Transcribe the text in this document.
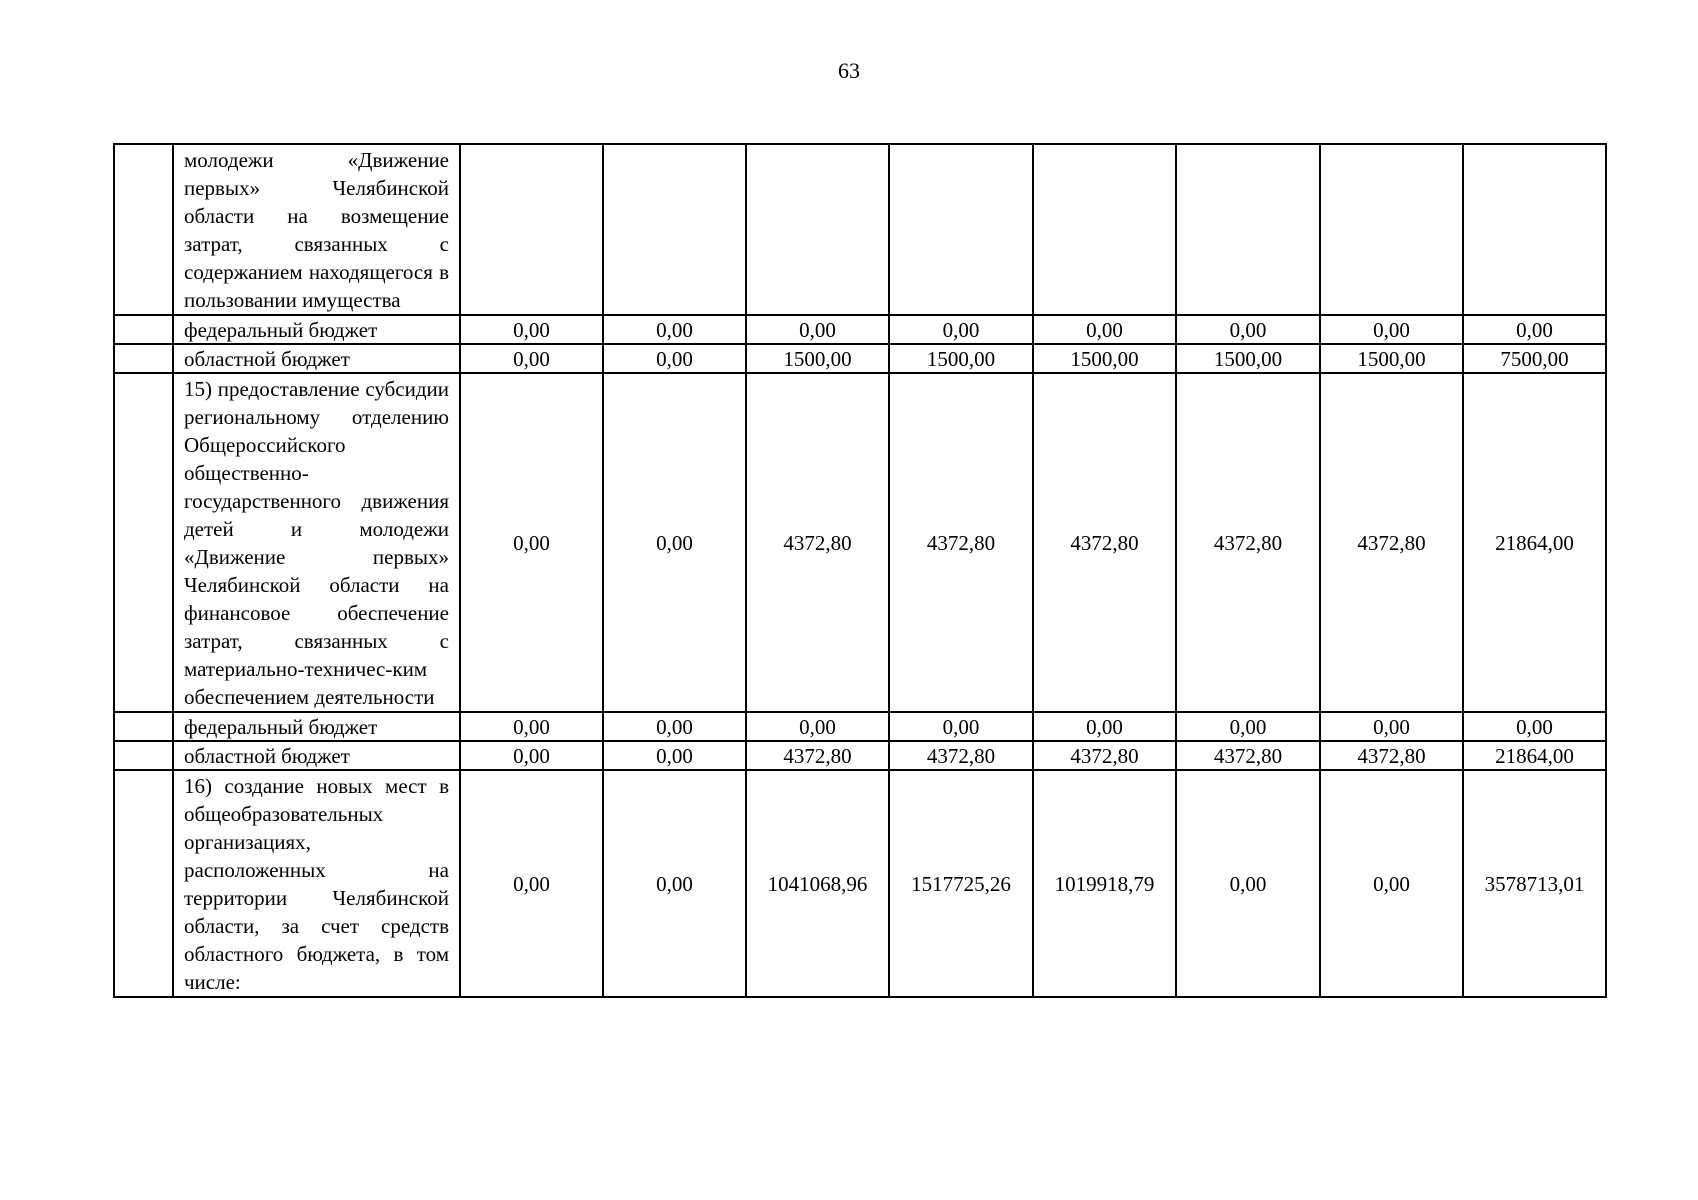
63
	молодежи «Движение первых» Челябинской области на возмещение затрат, связанных с содержанием находящегося в пользовании имущества								
	федеральный бюджет	0,00	0,00	0,00	0,00	0,00	0,00	0,00	0,00
	областной бюджет	0,00	0,00	1500,00	1500,00	1500,00	1500,00	1500,00	7500,00
	15) предоставление субсидии региональному отделению Общероссийского общественно-государственного движения детей и молодежи «Движение первых» Челябинской области на финансовое обеспечение затрат, связанных с материально-техничес-ким обеспечением деятельности	0,00	0,00	4372,80	4372,80	4372,80	4372,80	4372,80	21864,00
	федеральный бюджет	0,00	0,00	0,00	0,00	0,00	0,00	0,00	0,00
	областной бюджет	0,00	0,00	4372,80	4372,80	4372,80	4372,80	4372,80	21864,00
	16) создание новых мест в общеобразовательных организациях, расположенных на территории Челябинской области, за счет средств областного бюджета, в том числе:	0,00	0,00	1041068,96	1517725,26	1019918,79	0,00	0,00	3578713,01
